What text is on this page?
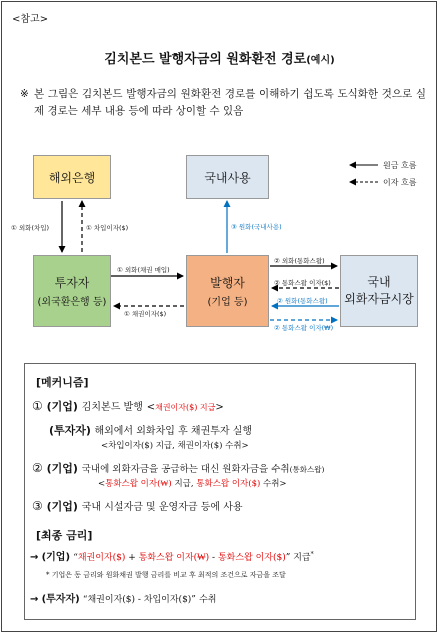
<참고>
김치본드 발행자금의 원화환전 경로(예시)
※ 본 그림은 김치본드 발행자금의 원화환전 경로를 이해하기 쉽도록 도식화한 것으로 실제 경로는 세부 내용 등에 따라 상이할 수 있음
원금 흐름
이자 흐름
해외은행	국내사용
투자자
(외국환은행 등)
발행자
(기업 등)
국내
외화자금시장
① 외화(차입)	① 차입이자($)
① 외화(채권 매입)
① 채권이자($)
③ 원화(국내사용)
② 외화(통화스왑)
② 통화스왑 이자($)
② 원화(통화스왑)
② 통화스왑 이자(₩)
[메커니즘]
① (기업) 김치본드 발행 <채권이자($) 지급>
(투자자) 해외에서 외화차입 후 채권투자 실행
<차입이자($) 지급, 채권이자($) 수취>
② (기업) 국내에 외화자금을 공급하는 대신 원화자금을 수취(통화스왑)
<통화스왑 이자(₩) 지급, 통화스왑 이자($) 수취>
③ (기업) 국내 시설자금 및 운영자금 등에 사용
[최종 금리]
→ (기업) “채권이자($) + 통화스왑 이자(₩) - 통화스왑 이자($)” 지급*
* 기업은 동 금리와 원화채권 발행 금리를 비교 후 최적의 조건으로 자금을 조달
→ (투자자) “채권이자($) - 차입이자($)” 수취
